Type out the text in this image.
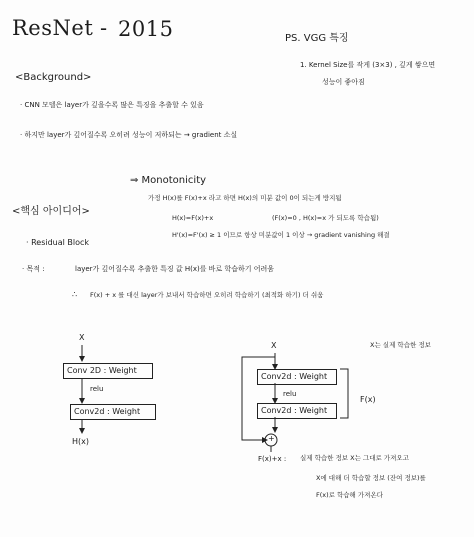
ResNet - 2015	PS. VGG 특징
1. Kernel Size를 작게 (3×3) , 깊게 쌓으면
성능이 좋아짐
<Background>
· CNN 모델은 layer가 깊을수록 많은 특징을 추출할 수 있음
· 하지만 layer가 깊어질수록 오히려 성능이 저하되는 → gradient 소실
⇒ Monotonicity
가정 H(x)를 F(x)+x 라고 하면 H(x)의 미분 값이 0이 되는게 방지됨
H(x)=F(x)+x	(F(x)=0 , H(x)=x 가 되도록 학습됨)
H'(x)=F'(x) ≥ 1 이므로 항상 미분값이 1 이상 → gradient vanishing 해결
<핵심 아이디어>
· Residual Block
· 목적 :	layer가 깊어질수록 추출한 특징 값 H(x)를 바로 학습하기 어려움
∴ F(x) + x 를 대신 layer가 보내서 학습하면 오히려 학습하기 (최적화 하기) 더 쉬움
X
Conv 2D : Weight
relu
Conv2d : Weight
H(x)
X	X는 실제 학습한 정보
Conv2d : Weight
relu
Conv2d : Weight
F(x)
+
F(x)+x : 실제 학습한 정보 X는 그대로 가져오고
X에 대해 더 학습할 정보 (잔여 정보)를
F(x)로 학습해 가져온다
